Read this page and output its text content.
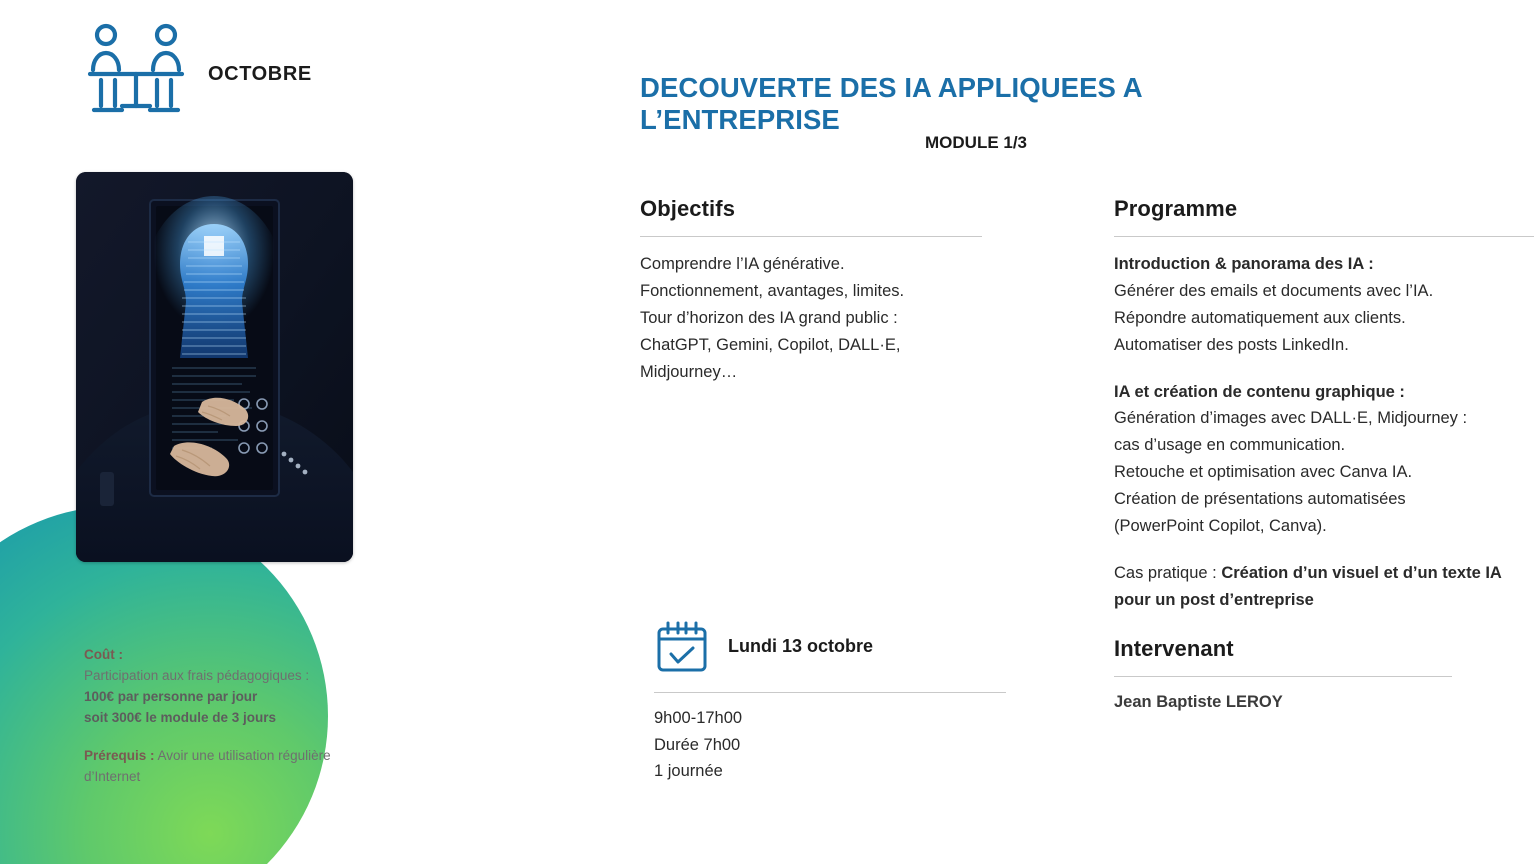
OCTOBRE
Coût :
Participation aux frais pédagogiques :
100€ par personne par jour
soit 300€ le module de 3 jours
Prérequis : Avoir une utilisation régulière d’Internet
DECOUVERTE DES IA APPLIQUEES A L’ENTREPRISE
MODULE 1/3
Objectifs

Comprendre l’IA générative.

Fonctionnement, avantages, limites.

Tour d’horizon des IA grand public :

ChatGPT, Gemini, Copilot, DALL·E,

Midjourney…

Programme

Introduction & panorama des IA :

Générer des emails et documents avec l’IA.

Répondre automatiquement aux clients.

Automatiser des posts LinkedIn.

IA et création de contenu graphique :

Génération d’images avec DALL·E, Midjourney :

cas d’usage en communication.

Retouche et optimisation avec Canva IA.

Création de présentations automatisées

(PowerPoint Copilot, Canva).

Cas pratique : Création d’un visuel et d’un texte IA pour un post d’entreprise

Lundi 13 octobre

9h00-17h00

Durée 7h00

1 journée

Intervenant
Jean Baptiste LEROY
